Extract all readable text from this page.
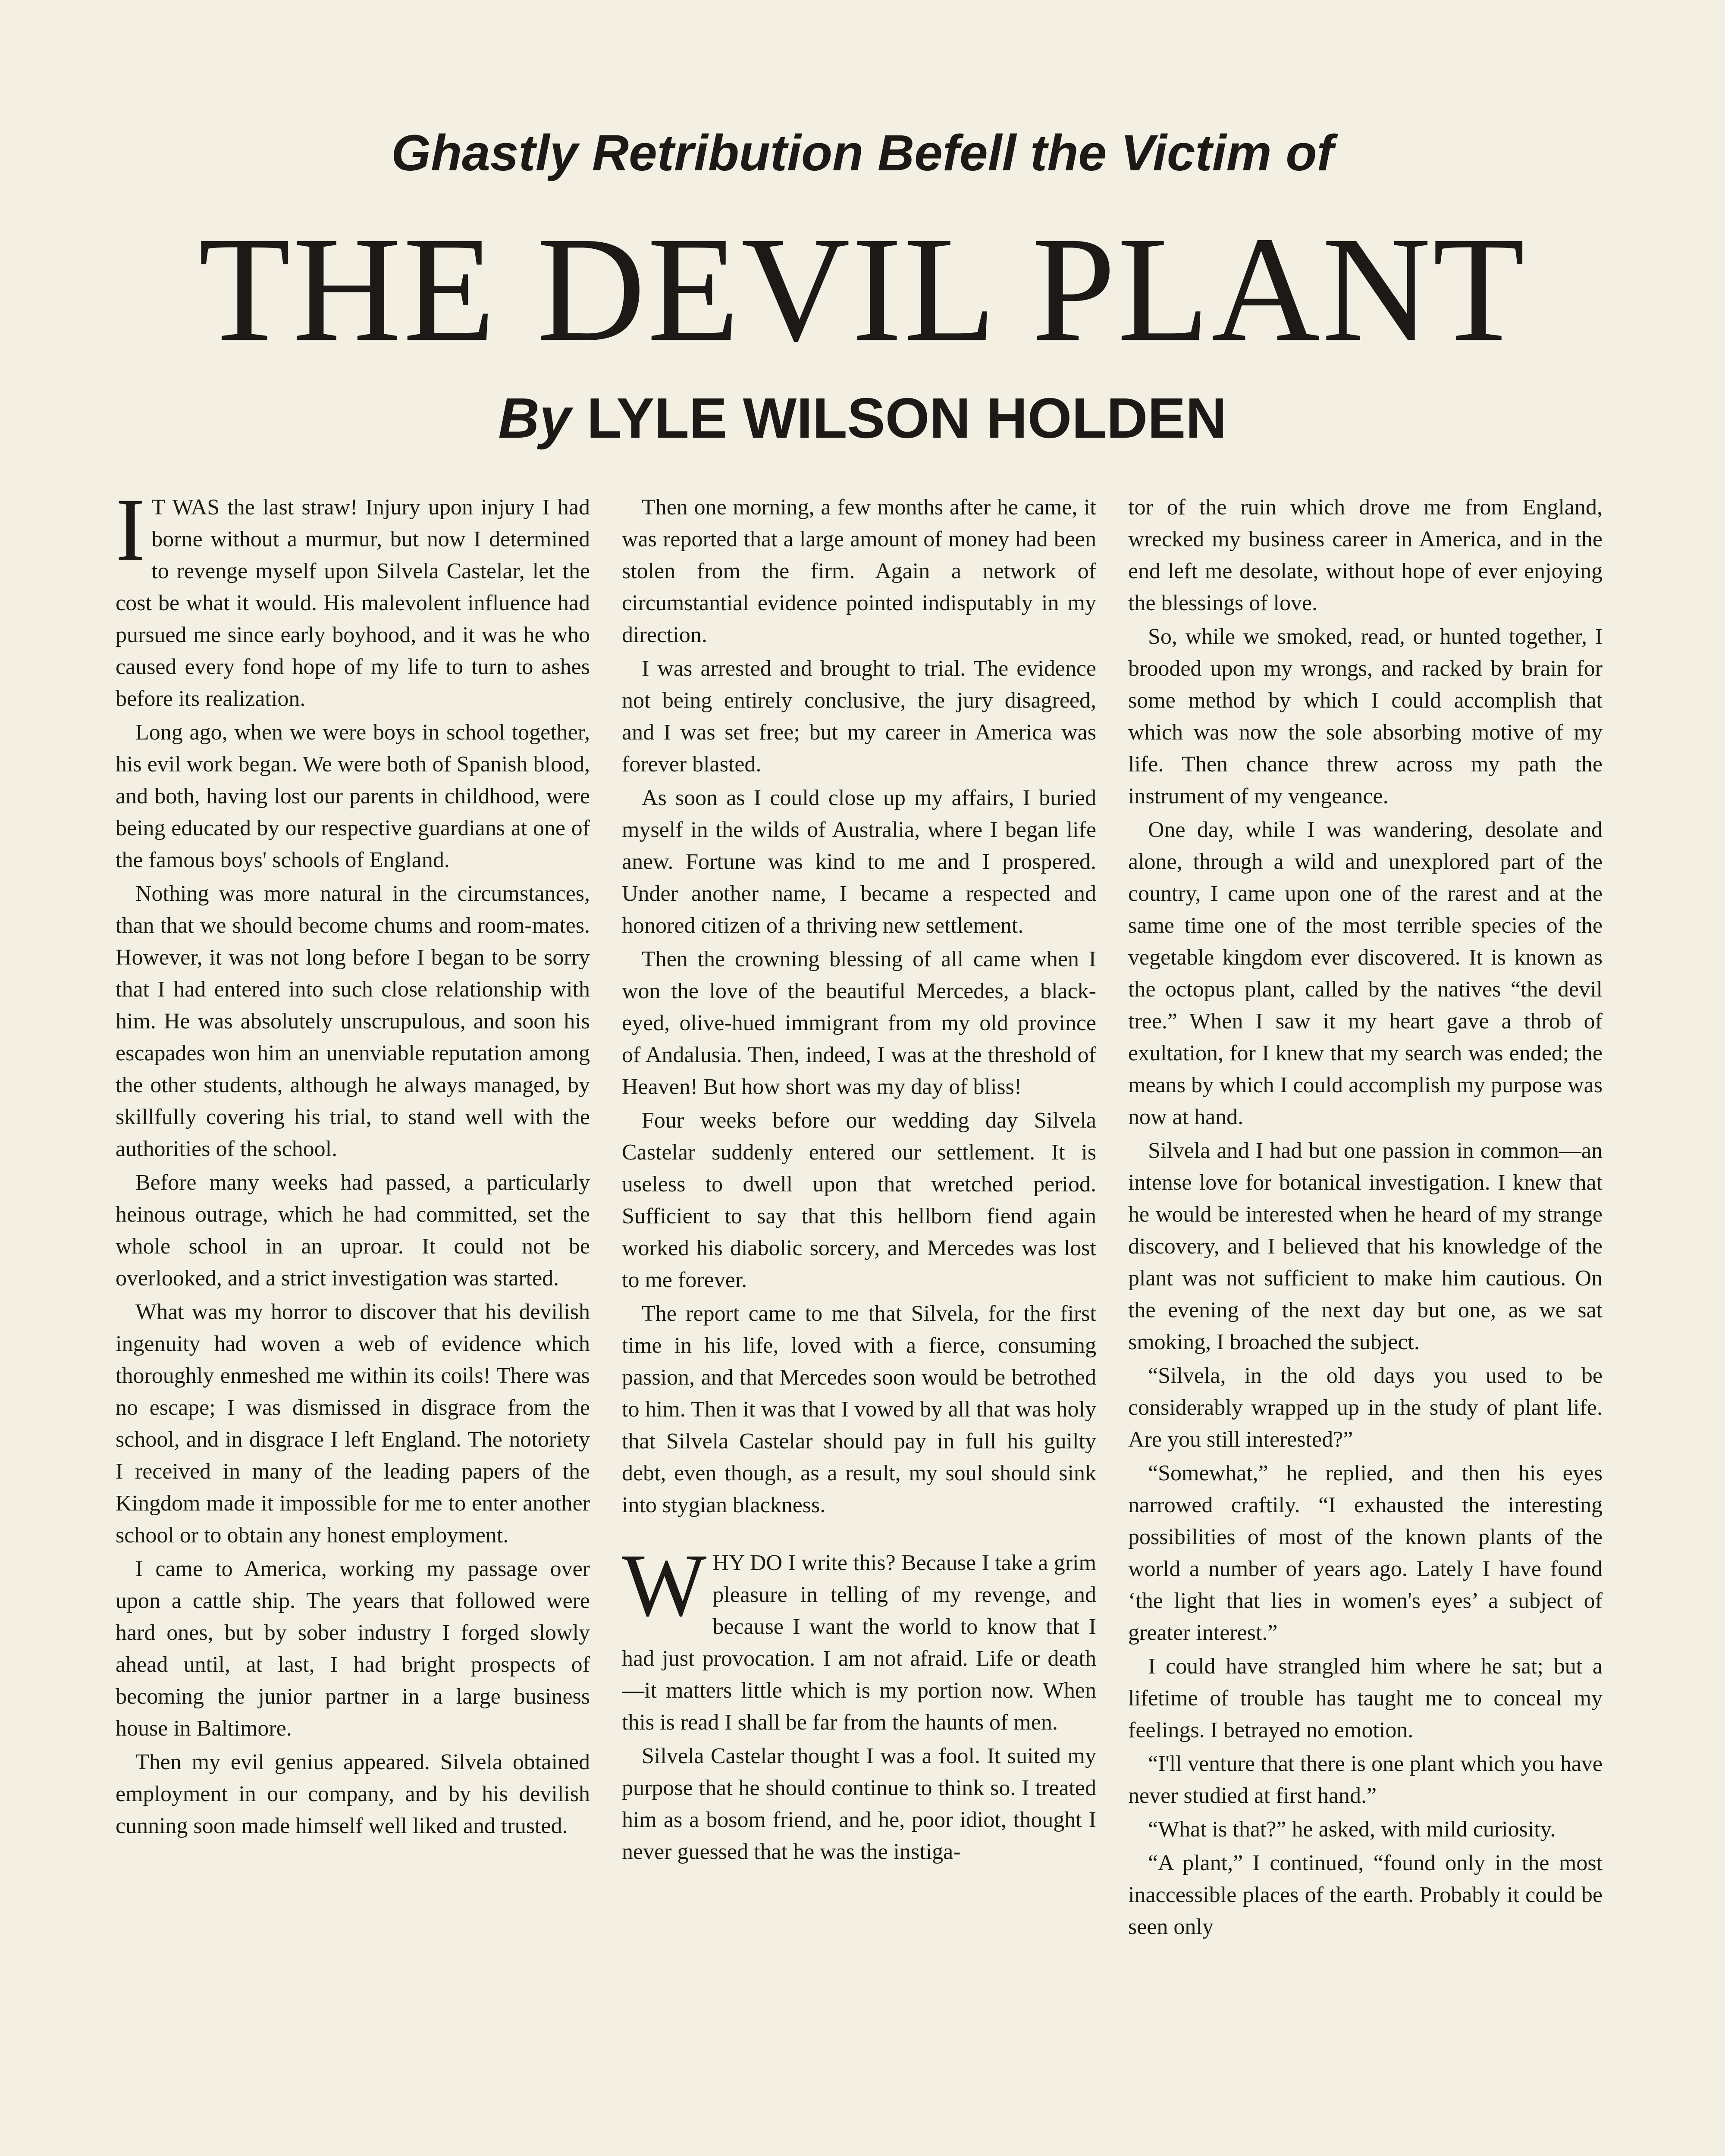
Ghastly Retribution Befell the Victim of
THE DEVIL PLANT
By LYLE WILSON HOLDEN

I T WAS the last straw! Injury upon injury I had borne without a murmur, but now I determined to revenge myself upon Silvela Castelar, let the cost be what it would. His malevolent influence had pursued me since early boyhood, and it was he who caused every fond hope of my life to turn to ashes before its realization.

Long ago, when we were boys in school together, his evil work began. We were both of Spanish blood, and both, having lost our parents in childhood, were being educated by our respective guardians at one of the famous boys' schools of England.

Nothing was more natural in the circumstances, than that we should become chums and room-mates. However, it was not long before I began to be sorry that I had entered into such close relationship with him. He was absolutely unscrupulous, and soon his escapades won him an unenviable reputation among the other students, although he always managed, by skillfully covering his trial, to stand well with the authorities of the school.

Before many weeks had passed, a particularly heinous outrage, which he had committed, set the whole school in an uproar. It could not be overlooked, and a strict investigation was started.

What was my horror to discover that his devilish ingenuity had woven a web of evidence which thoroughly enmeshed me within its coils! There was no escape; I was dismissed in disgrace from the school, and in disgrace I left England. The notoriety I received in many of the leading papers of the Kingdom made it impossible for me to enter another school or to obtain any honest employment.

I came to America, working my passage over upon a cattle ship. The years that followed were hard ones, but by sober industry I forged slowly ahead until, at last, I had bright prospects of becoming the junior partner in a large business house in Baltimore.

Then my evil genius appeared. Silvela obtained employment in our company, and by his devilish cunning soon made himself well liked and trusted.

Then one morning, a few months after he came, it was reported that a large amount of money had been stolen from the firm. Again a network of circumstantial evidence pointed indisputably in my direction.

I was arrested and brought to trial. The evidence not being entirely conclusive, the jury disagreed, and I was set free; but my career in America was forever blasted.

As soon as I could close up my affairs, I buried myself in the wilds of Australia, where I began life anew. Fortune was kind to me and I prospered. Under another name, I became a respected and honored citizen of a thriving new settlement.

Then the crowning blessing of all came when I won the love of the beautiful Mercedes, a black-eyed, olive-hued immigrant from my old province of Andalusia. Then, indeed, I was at the threshold of Heaven! But how short was my day of bliss!

Four weeks before our wedding day Silvela Castelar suddenly entered our settlement. It is useless to dwell upon that wretched period. Sufficient to say that this hellborn fiend again worked his diabolic sorcery, and Mercedes was lost to me forever.

The report came to me that Silvela, for the first time in his life, loved with a fierce, consuming passion, and that Mercedes soon would be betrothed to him. Then it was that I vowed by all that was holy that Silvela Castelar should pay in full his guilty debt, even though, as a result, my soul should sink into stygian blackness.

WHY DO I write this? Because I take a grim pleasure in telling of my revenge, and because I want the world to know that I had just provocation. I am not afraid. Life or death —it matters little which is my portion now. When this is read I shall be far from the haunts of men.

Silvela Castelar thought I was a fool. It suited my purpose that he should continue to think so. I treated him as a bosom friend, and he, poor idiot, thought I never guessed that he was the instiga-

tor of the ruin which drove me from England, wrecked my business career in America, and in the end left me desolate, without hope of ever enjoying the blessings of love.

So, while we smoked, read, or hunted together, I brooded upon my wrongs, and racked by brain for some method by which I could accomplish that which was now the sole absorbing motive of my life. Then chance threw across my path the instrument of my vengeance.

One day, while I was wandering, desolate and alone, through a wild and unexplored part of the country, I came upon one of the rarest and at the same time one of the most terrible species of the vegetable kingdom ever discovered. It is known as the octopus plant, called by the natives “the devil tree.” When I saw it my heart gave a throb of exultation, for I knew that my search was ended; the means by which I could accomplish my purpose was now at hand.

Silvela and I had but one passion in common—an intense love for botanical investigation. I knew that he would be interested when he heard of my strange discovery, and I believed that his knowledge of the plant was not sufficient to make him cautious. On the evening of the next day but one, as we sat smoking, I broached the subject.

“Silvela, in the old days you used to be considerably wrapped up in the study of plant life. Are you still interested?”

“Somewhat,” he replied, and then his eyes narrowed craftily. “I exhausted the interesting possibilities of most of the known plants of the world a number of years ago. Lately I have found ‘the light that lies in women's eyes’ a subject of greater interest.”

I could have strangled him where he sat; but a lifetime of trouble has taught me to conceal my feelings. I betrayed no emotion.

“I'll venture that there is one plant which you have never studied at first hand.”

“What is that?” he asked, with mild curiosity.

“A plant,” I continued, “found only in the most inaccessible places of the earth. Probably it could be seen only
